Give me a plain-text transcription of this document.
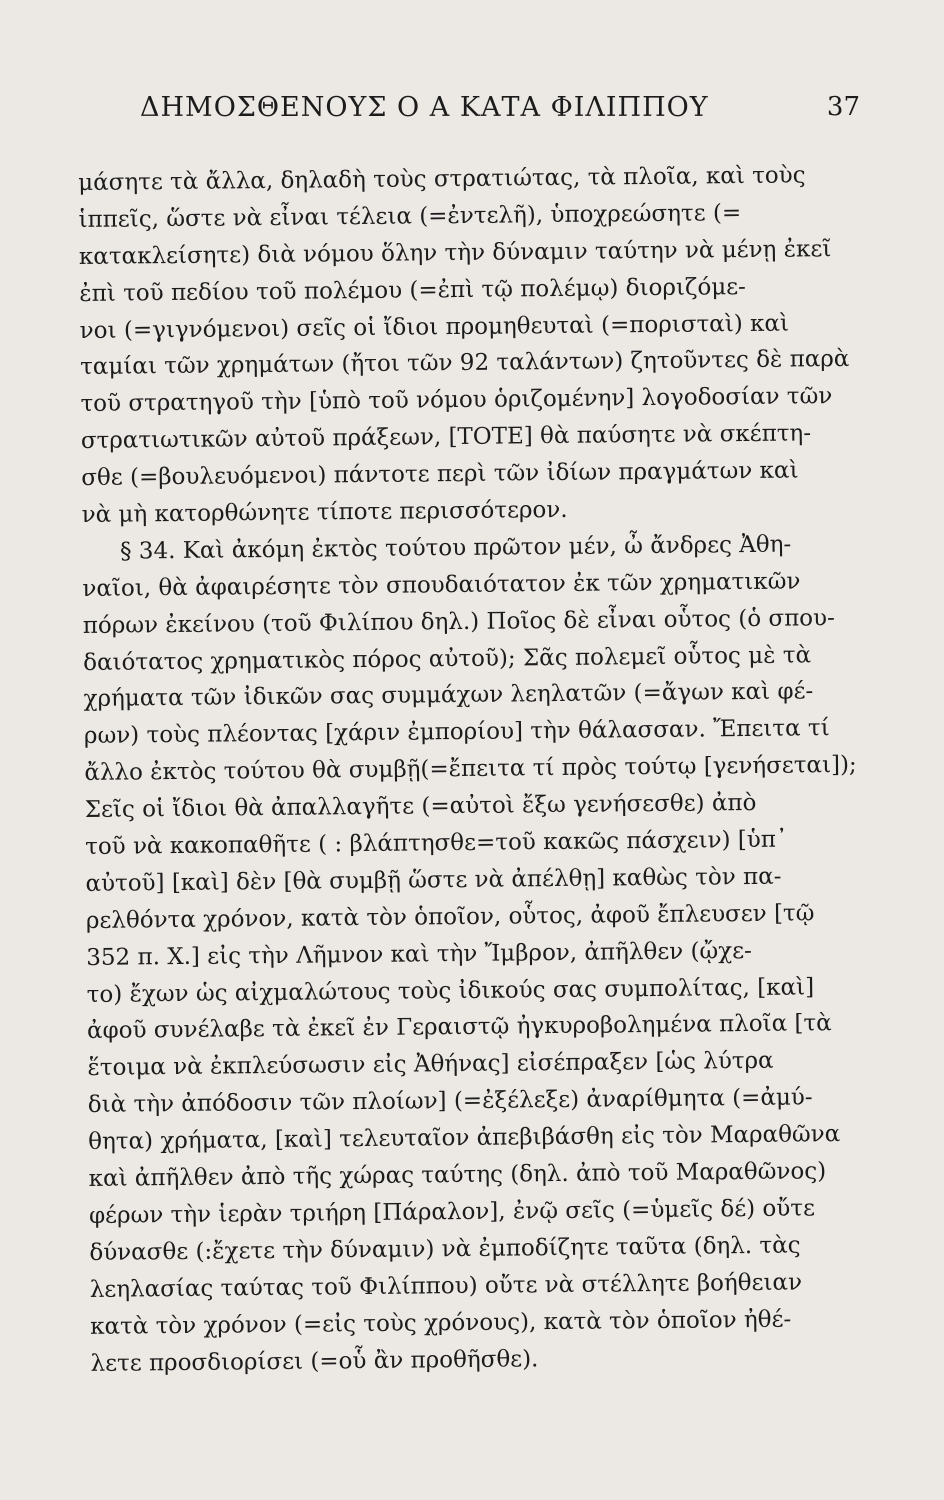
ΔΗΜΟΣΘΕΝΟΥΣ Ο Α ΚΑΤΑ ΦΙΛΙΠΠΟΥ	37
μάσητε τὰ ἄλλα, δηλαδὴ τοὺς στρατιώτας, τὰ πλοῖα, καὶ τοὺς
ἱππεῖς, ὥστε νὰ εἶναι τέλεια (=ἐντελῆ), ὑποχρεώσητε (=
κατακλείσητε) διὰ νόμου ὅλην τὴν δύναμιν ταύτην νὰ μένῃ ἐκεῖ
ἐπὶ τοῦ πεδίου τοῦ πολέμου (=ἐπὶ τῷ πολέμῳ) διοριζόμε-
νοι (=γιγνόμενοι) σεῖς οἱ ἴδιοι προμηθευταὶ (=πορισταὶ) καὶ
ταμίαι τῶν χρημάτων (ἤτοι τῶν 92 ταλάντων) ζητοῦντες δὲ παρὰ
τοῦ στρατηγοῦ τὴν [ὑπὸ τοῦ νόμου ὁριζομένην] λογοδοσίαν τῶν
στρατιωτικῶν αὐτοῦ πράξεων, [ΤΟΤΕ] θὰ παύσητε νὰ σκέπτη-
σθε (=βουλευόμενοι) πάντοτε περὶ τῶν ἰδίων πραγμάτων καὶ
νὰ μὴ κατορθώνητε τίποτε περισσότερον.
§ 34. Καὶ ἀκόμη ἐκτὸς τούτου πρῶτον μέν, ὦ ἄνδρες Ἀθη-
ναῖοι, θὰ ἀφαιρέσητε τὸν σπουδαιότατον ἐκ τῶν χρηματικῶν
πόρων ἐκείνου (τοῦ Φιλίπου δηλ.) Ποῖος δὲ εἶναι οὗτος (ὁ σπου-
δαιότατος χρηματικὸς πόρος αὐτοῦ); Σᾶς πολεμεῖ οὗτος μὲ τὰ
χρήματα τῶν ἰδικῶν σας συμμάχων λεηλατῶν (=ἄγων καὶ φέ-
ρων) τοὺς πλέοντας [χάριν ἐμπορίου] τὴν θάλασσαν. Ἔπειτα τί
ἄλλο ἐκτὸς τούτου θὰ συμβῇ(=ἔπειτα τί πρὸς τούτῳ [γενήσεται]);
Σεῖς οἱ ἴδιοι θὰ ἀπαλλαγῆτε (=αὐτοὶ ἔξω γενήσεσθε) ἀπὸ
τοῦ νὰ κακοπαθῆτε ( : βλάπτησθε=τοῦ κακῶς πάσχειν) [ὑπ᾽
αὐτοῦ] [καὶ] δὲν [θὰ συμβῇ ὥστε νὰ ἀπέλθῃ] καθὼς τὸν πα-
ρελθόντα χρόνον, κατὰ τὸν ὁποῖον, οὗτος, ἀφοῦ ἔπλευσεν [τῷ
352 π. Χ.] εἰς τὴν Λῆμνον καὶ τὴν Ἴμβρον, ἀπῆλθεν (ᾤχε-
το) ἔχων ὡς αἰχμαλώτους τοὺς ἰδικούς σας συμπολίτας, [καὶ]
ἀφοῦ συνέλαβε τὰ ἐκεῖ ἐν Γεραιστῷ ἠγκυροβολημένα πλοῖα [τὰ
ἕτοιμα νὰ ἐκπλεύσωσιν εἰς Ἀθήνας] εἰσέπραξεν [ὡς λύτρα
διὰ τὴν ἀπόδοσιν τῶν πλοίων] (=ἐξέλεξε) ἀναρίθμητα (=ἀμύ-
θητα) χρήματα, [καὶ] τελευταῖον ἀπεβιβάσθη εἰς τὸν Μαραθῶνα
καὶ ἀπῆλθεν ἀπὸ τῆς χώρας ταύτης (δηλ. ἀπὸ τοῦ Μαραθῶνος)
φέρων τὴν ἱερὰν τριήρη [Πάραλον], ἐνῷ σεῖς (=ὑμεῖς δέ) οὔτε
δύνασθε (:ἔχετε τὴν δύναμιν) νὰ ἐμποδίζητε ταῦτα (δηλ. τὰς
λεηλασίας ταύτας τοῦ Φιλίππου) οὔτε νὰ στέλλητε βοήθειαν
κατὰ τὸν χρόνον (=εἰς τοὺς χρόνους), κατὰ τὸν ὁποῖον ἠθέ-
λετε προσδιορίσει (=οὗ ἂν προθῆσθε).
